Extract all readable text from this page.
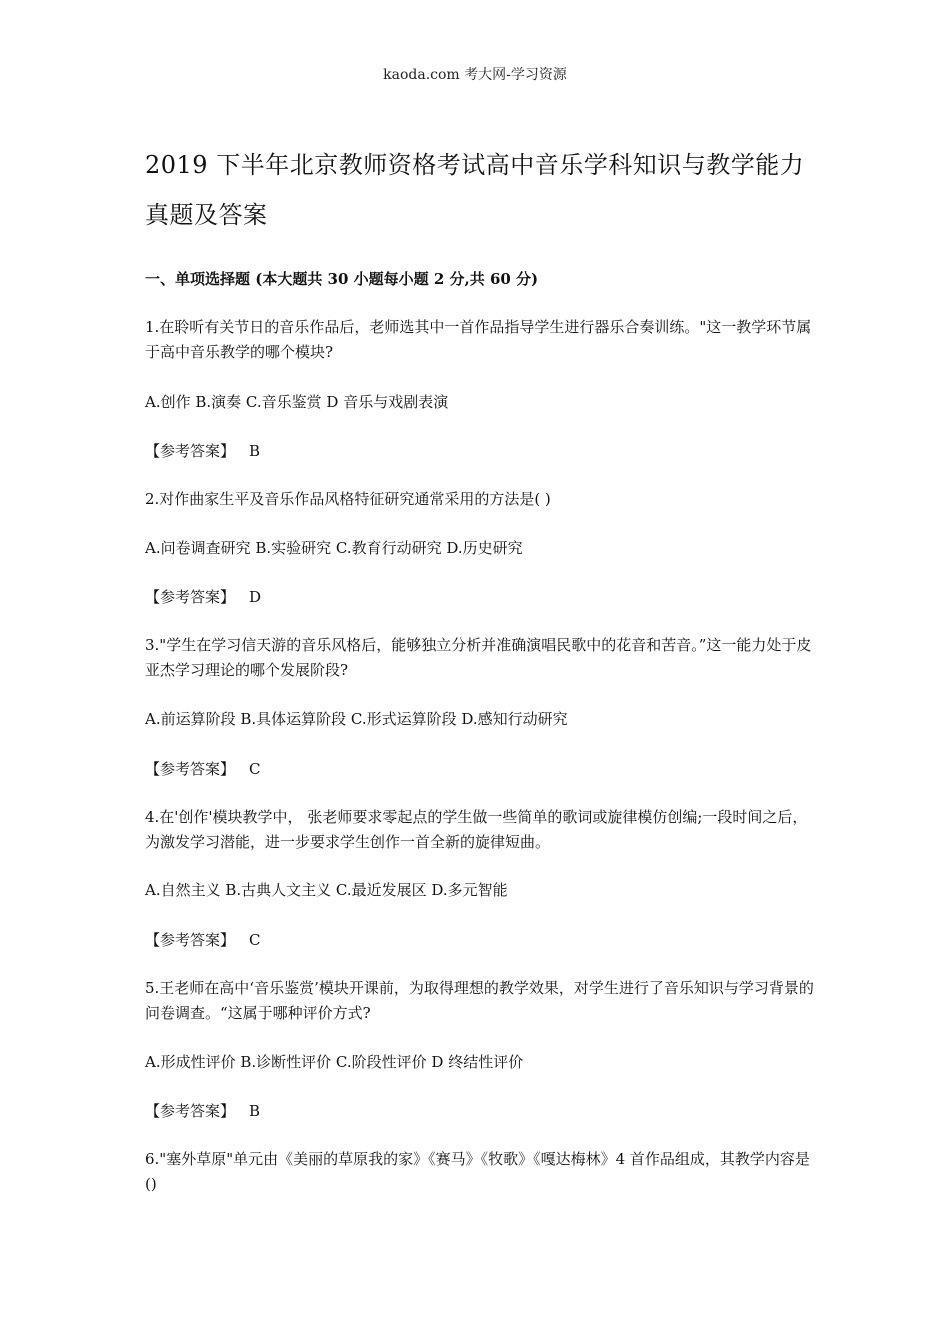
kaoda.com 考大网-学习资源
2019 下半年北京教师资格考试高中音乐学科知识与教学能力真题及答案
一、单项选择题 (本大题共 30 小题每小题 2 分,共 60 分)

1.在聆听有关节日的音乐作品后，老师选其中一首作品指导学生进行器乐合奏训练。"这一教学环节属于高中音乐教学的哪个模块?

A.创作 B.演奏 C.音乐鉴赏 D 音乐与戏剧表演

【参考答案】 B

2.对作曲家生平及音乐作品风格特征研究通常采用的方法是( )

A.问卷调查研究 B.实验研究 C.教育行动研究 D.历史研究

【参考答案】 D

3."学生在学习信天游的音乐风格后，能够独立分析并准确演唱民歌中的花音和苦音。”这一能力处于皮亚杰学习理论的哪个发展阶段?

A.前运算阶段 B.具体运算阶段 C.形式运算阶段 D.感知行动研究

【参考答案】 C

4.在'创作'模块教学中， 张老师要求零起点的学生做一些简单的歌词或旋律模仿创编;一段时间之后，为激发学习潜能，进一步要求学生创作一首全新的旋律短曲。

A.自然主义 B.古典人文主义 C.最近发展区 D.多元智能

【参考答案】 C

5.王老师在高中‘音乐鉴赏’模块开课前，为取得理想的教学效果，对学生进行了音乐知识与学习背景的问卷调查。“这属于哪种评价方式?

A.形成性评价 B.诊断性评价 C.阶段性评价 D 终结性评价

【参考答案】 B

6."塞外草原"单元由《美丽的草原我的家》《赛马》《牧歌》《嘎达梅林》4 首作品组成，其教学内容是()
